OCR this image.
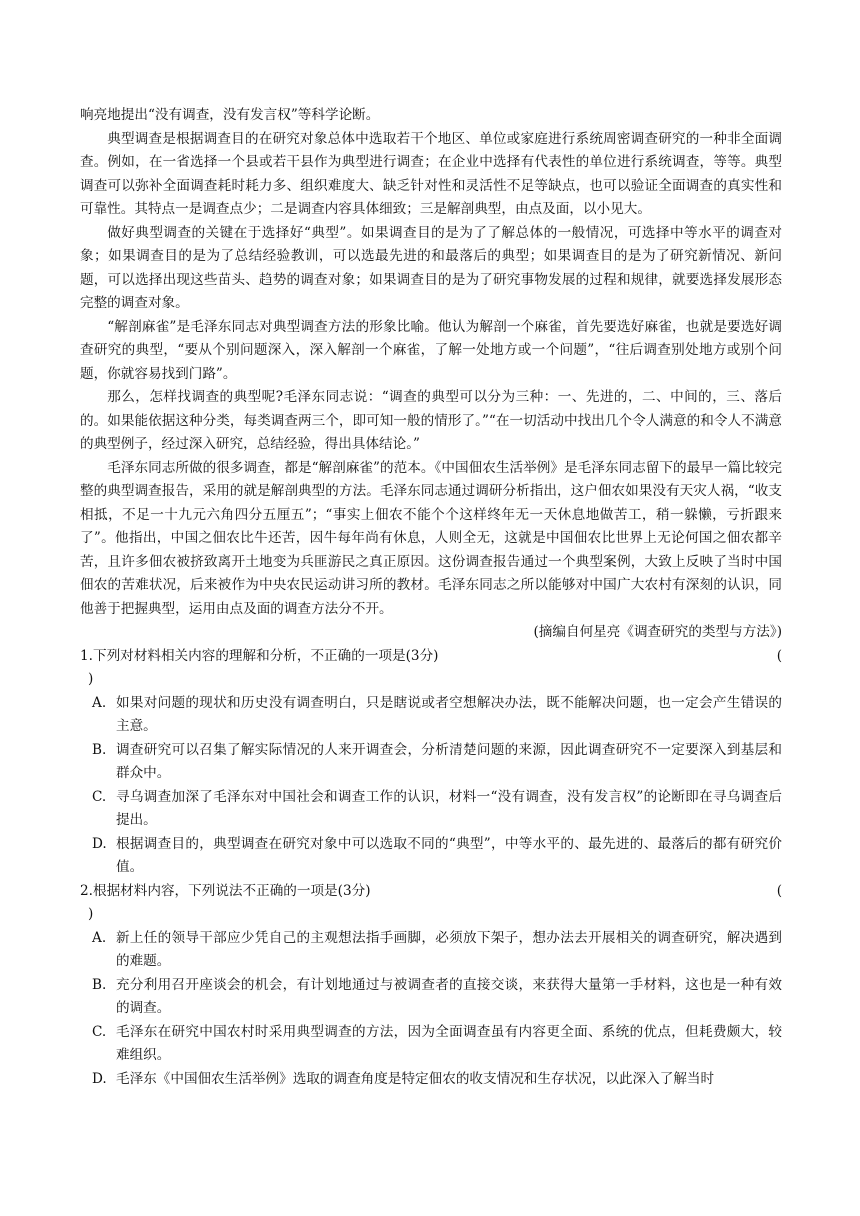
响亮地提出“没有调查，没有发言权”等科学论断。

典型调查是根据调查目的在研究对象总体中选取若干个地区、单位或家庭进行系统周密调查研究的一种非全面调查。例如，在一省选择一个县或若干县作为典型进行调查；在企业中选择有代表性的单位进行系统调查，等等。典型调查可以弥补全面调查耗时耗力多、组织难度大、缺乏针对性和灵活性不足等缺点，也可以验证全面调查的真实性和可靠性。其特点一是调查点少；二是调查内容具体细致；三是解剖典型，由点及面，以小见大。

做好典型调查的关键在于选择好“典型”。如果调查目的是为了了解总体的一般情况，可选择中等水平的调查对象；如果调查目的是为了总结经验教训，可以选最先进的和最落后的典型；如果调查目的是为了研究新情况、新问题，可以选择出现这些苗头、趋势的调查对象；如果调查目的是为了研究事物发展的过程和规律，就要选择发展形态完整的调查对象。

“解剖麻雀”是毛泽东同志对典型调查方法的形象比喻。他认为解剖一个麻雀，首先要选好麻雀，也就是要选好调查研究的典型，“要从个别问题深入，深入解剖一个麻雀，了解一处地方或一个问题”，“往后调查别处地方或别个问题，你就容易找到门路”。

那么，怎样找调查的典型呢?毛泽东同志说：“调查的典型可以分为三种：一、先进的，二、中间的，三、落后的。如果能依据这种分类，每类调查两三个，即可知一般的情形了。”“在一切活动中找出几个令人满意的和令人不满意的典型例子，经过深入研究，总结经验，得出具体结论。”

毛泽东同志所做的很多调查，都是“解剖麻雀”的范本。《中国佃农生活举例》是毛泽东同志留下的最早一篇比较完整的典型调查报告，采用的就是解剖典型的方法。毛泽东同志通过调研分析指出，这户佃农如果没有天灾人祸，“收支相抵，不足一十九元六角四分五厘五”；“事实上佃农不能个个这样终年无一天休息地做苦工，稍一躲懒，亏折跟来了”。他指出，中国之佃农比牛还苦，因牛每年尚有休息，人则全无，这就是中国佃农比世界上无论何国之佃农都辛苦，且许多佃农被挤致离开土地变为兵匪游民之真正原因。这份调查报告通过一个典型案例，大致上反映了当时中国佃农的苦难状况，后来被作为中央农民运动讲习所的教材。毛泽东同志之所以能够对中国广大农村有深刻的认识，同他善于把握典型，运用由点及面的调查方法分不开。

(摘编自何星亮《调查研究的类型与方法》)

1.下列对材料相关内容的理解和分析，不正确的一项是(3分)	(

)

A. 如果对问题的现状和历史没有调查明白，只是瞎说或者空想解决办法，既不能解决问题，也一定会产生错误的主意。
B. 调查研究可以召集了解实际情况的人来开调查会，分析清楚问题的来源，因此调查研究不一定要深入到基层和群众中。
C. 寻乌调查加深了毛泽东对中国社会和调查工作的认识，材料一“没有调查，没有发言权”的论断即在寻乌调查后提出。
D. 根据调查目的，典型调查在研究对象中可以选取不同的“典型”，中等水平的、最先进的、最落后的都有研究价值。

2.根据材料内容，下列说法不正确的一项是(3分)	(

)

A. 新上任的领导干部应少凭自己的主观想法指手画脚，必须放下架子，想办法去开展相关的调查研究，解决遇到的难题。
B. 充分利用召开座谈会的机会，有计划地通过与被调查者的直接交谈，来获得大量第一手材料，这也是一种有效的调查。
C. 毛泽东在研究中国农村时采用典型调查的方法，因为全面调查虽有内容更全面、系统的优点，但耗费颇大，较难组织。
D. 毛泽东《中国佃农生活举例》选取的调查角度是特定佃农的收支情况和生存状况，以此深入了解当时
